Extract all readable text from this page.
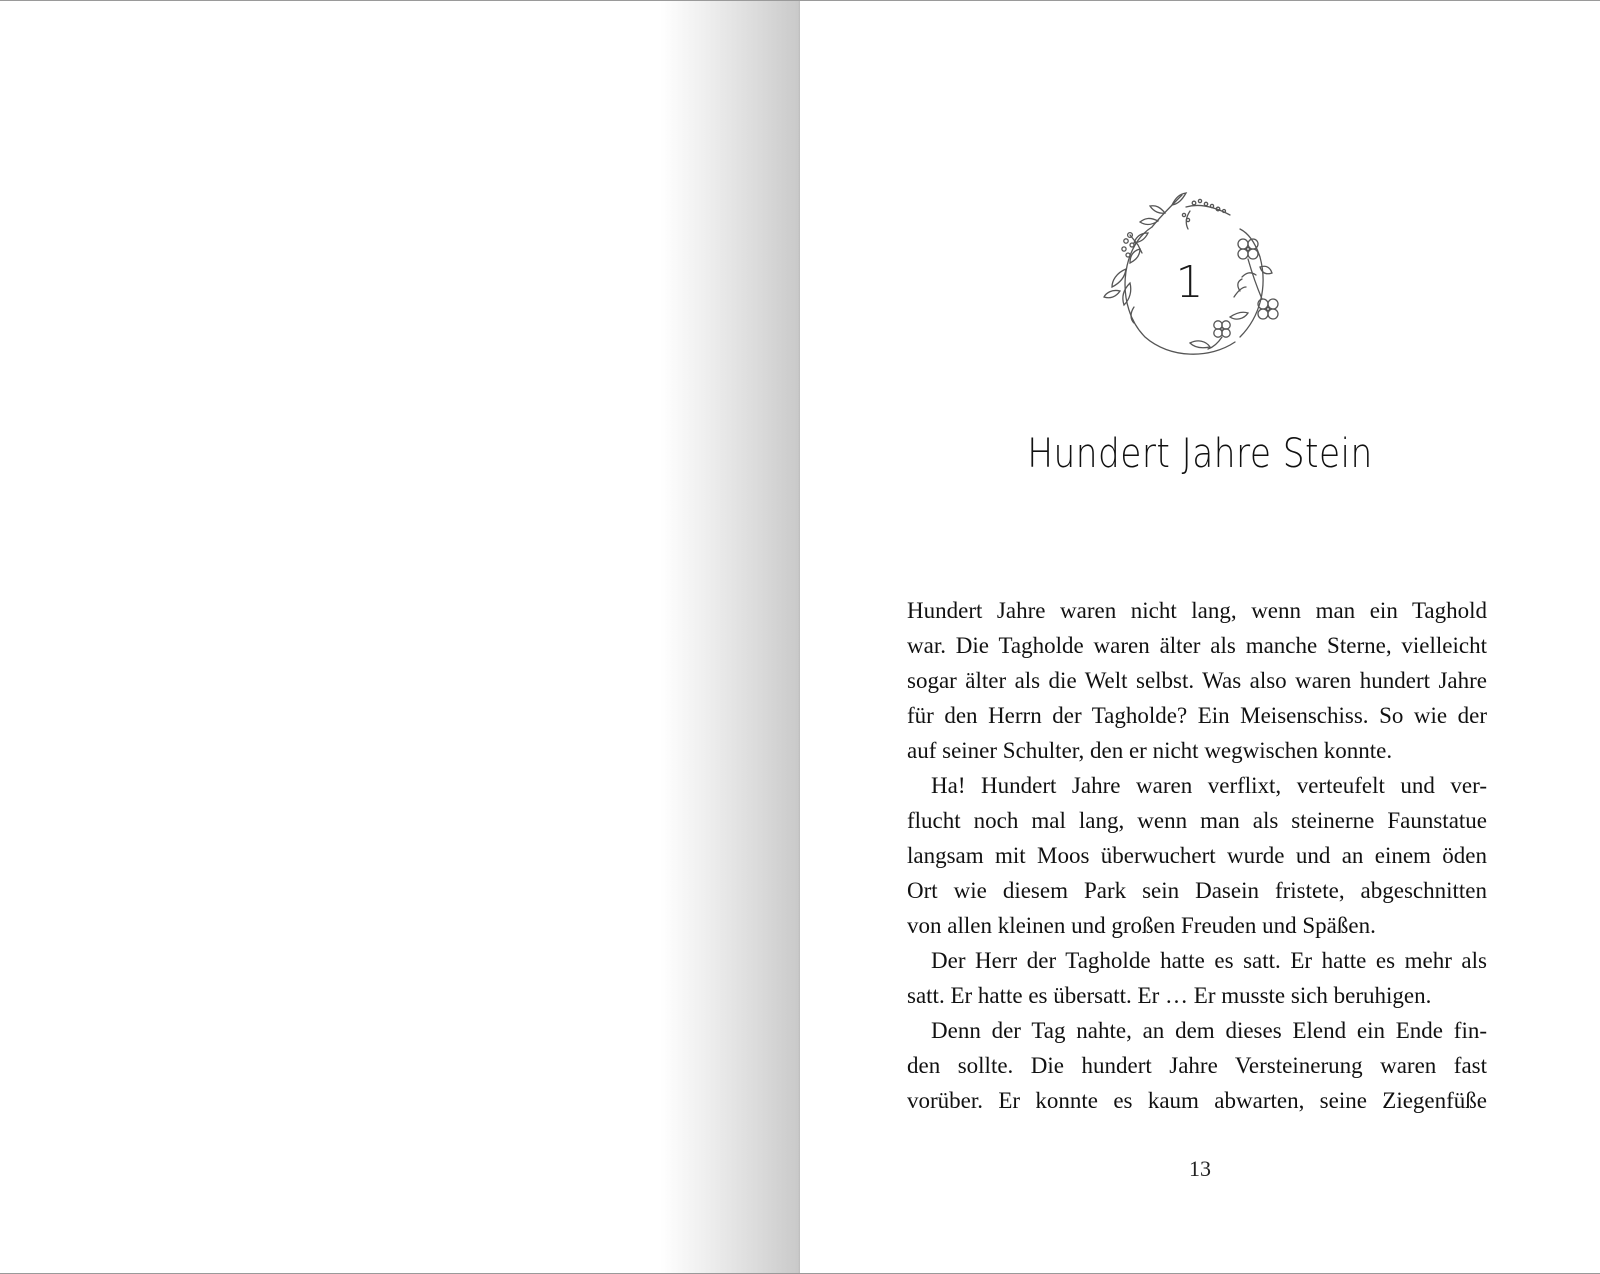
1
Hundert Jahre Stein
Hundert Jahre waren nicht lang, wenn man ein Taghold
war. Die Tagholde waren älter als manche Sterne, vielleicht
sogar älter als die Welt selbst. Was also waren hundert Jahre
für den Herrn der Tagholde? Ein Meisenschiss. So wie der
auf seiner Schulter, den er nicht wegwischen konnte.
Ha! Hundert Jahre waren verflixt, verteufelt und ver-
flucht noch mal lang, wenn man als steinerne Faunstatue
langsam mit Moos überwuchert wurde und an einem öden
Ort wie diesem Park sein Dasein fristete, abgeschnitten
von allen kleinen und großen Freuden und Späßen.
Der Herr der Tagholde hatte es satt. Er hatte es mehr als
satt. Er hatte es übersatt. Er … Er musste sich beruhigen.
Denn der Tag nahte, an dem dieses Elend ein Ende fin-
den sollte. Die hundert Jahre Versteinerung waren fast
vorüber. Er konnte es kaum abwarten, seine Ziegenfüße
13
